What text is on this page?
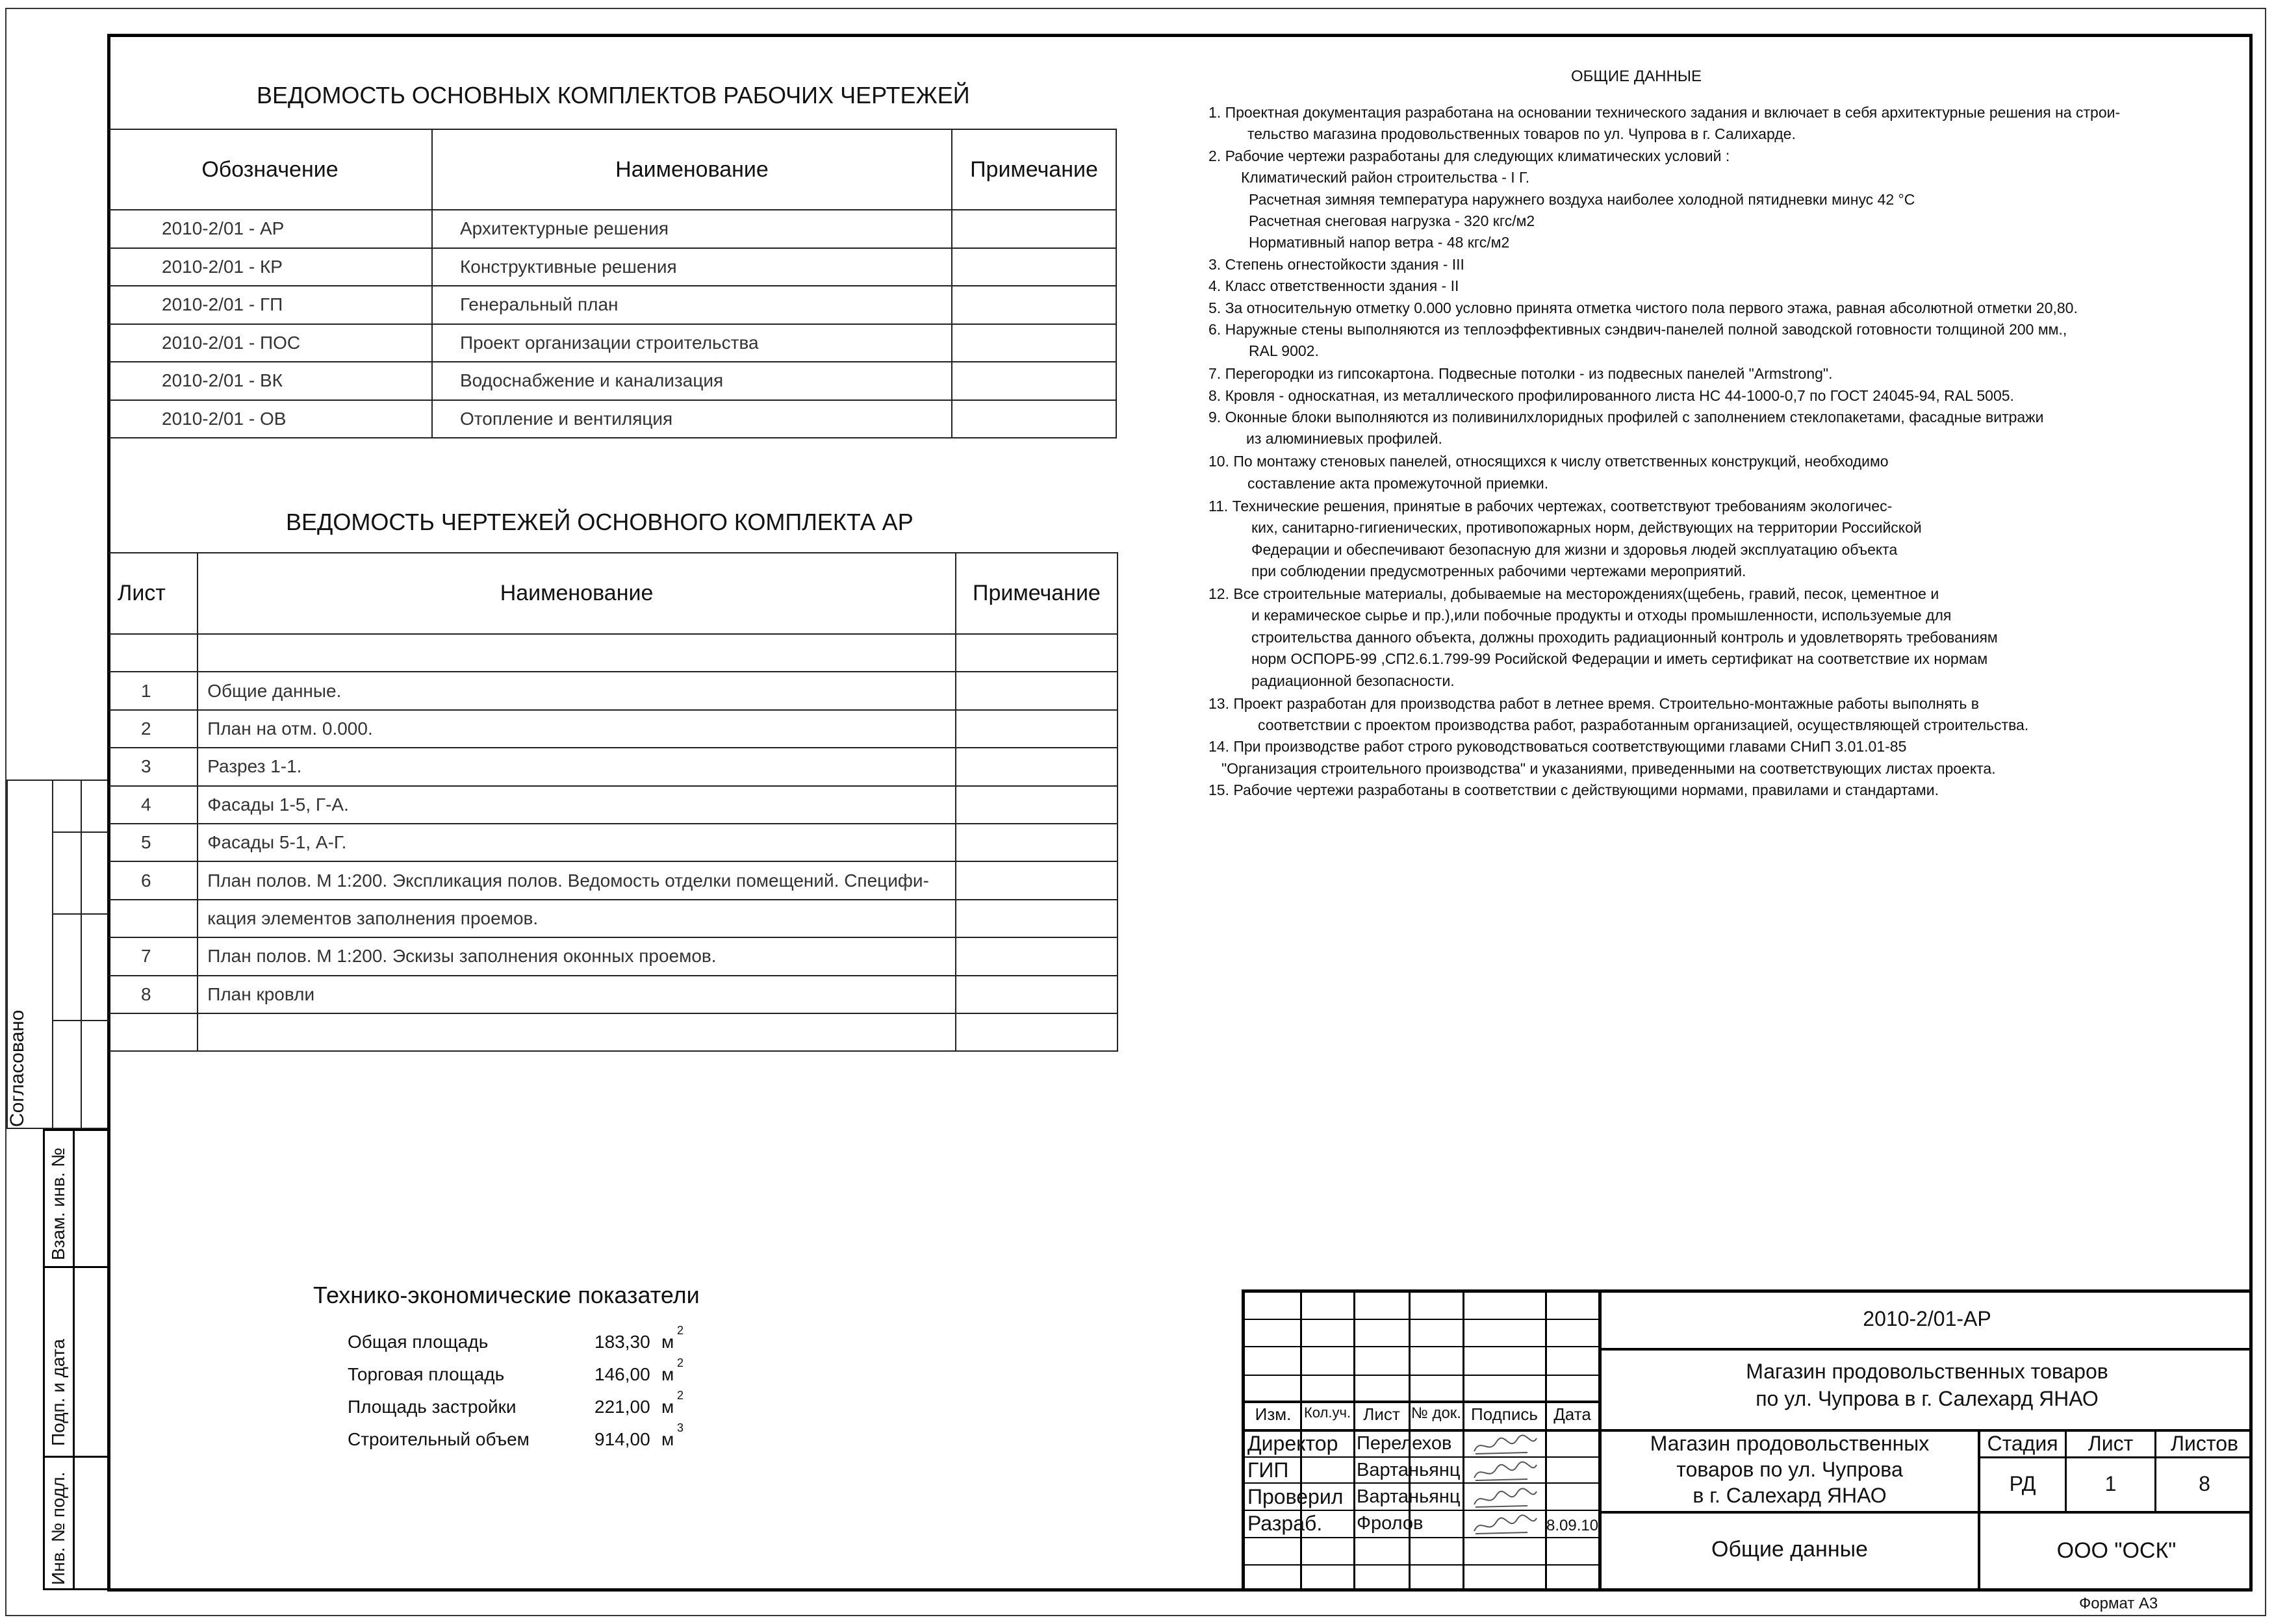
ВЕДОМОСТЬ ОСНОВНЫХ КОМПЛЕКТОВ РАБОЧИХ ЧЕРТЕЖЕЙ
Обозначение	Наименование	Примечание
2010-2/01 - АР	Архитектурные решения	
2010-2/01 - КР	Конструктивные решения	
2010-2/01 - ГП	Генеральный план	
2010-2/01 - ПОС	Проект организации строительства	
2010-2/01 - ВК	Водоснабжение и канализация	
2010-2/01 - ОВ	Отопление и вентиляция	
ВЕДОМОСТЬ ЧЕРТЕЖЕЙ ОСНОВНОГО КОМПЛЕКТА АР
Лист	Наименование	Примечание

1	Общие данные.	
2	План на отм. 0.000.	
3	Разрез 1-1.	
4	Фасады 1-5, Г-А.	
5	Фасады 5-1, А-Г.	
6	План полов. М 1:200. Экспликация полов. Ведомость отделки помещений. Специфи-	
	кация элементов заполнения проемов.	
7	План полов. М 1:200. Эскизы заполнения оконных проемов.	
8	План кровли	

ОБЩИЕ ДАННЫЕ
1. Проектная документация разработана на основании технического задания и включает в себя архитектурные решения на строи-
тельство магазина продовольственных товаров по ул. Чупрова в г. Салихарде.
2. Рабочие чертежи разработаны для следующих климатических условий :
Климатический район строительства - I Г.
Расчетная зимняя температура наружнего воздуха наиболее холодной пятидневки минус 42 °С
Расчетная снеговая нагрузка - 320 кгс/м2
Нормативный напор ветра - 48 кгс/м2
3. Степень огнестойкости здания - III
4. Класс ответственности здания - II
5. За относительную отметку 0.000 условно принята отметка чистого пола первого этажа, равная абсолютной отметки 20,80.
6. Наружные стены выполняются из теплоэффективных сэндвич-панелей полной заводской готовности толщиной 200 мм.,
RAL 9002.
7. Перегородки из гипсокартона. Подвесные потолки - из подвесных панелей "Armstrong".
8. Кровля - односкатная, из металлического профилированного листа НС 44-1000-0,7 по ГОСТ 24045-94, RAL 5005.
9. Оконные блоки выполняются из поливинилхлоридных профилей с заполнением стеклопакетами, фасадные витражи
из алюминиевых профилей.
10. По монтажу стеновых панелей, относящихся к числу ответственных конструкций, необходимо
составление акта промежуточной приемки.
11. Технические решения, принятые в рабочих чертежах, соответствуют требованиям экологичес-
ких, санитарно-гигиенических, противопожарных норм, действующих на территории Российской
Федерации и обеспечивают безопасную для жизни и здоровья людей эксплуатацию объекта
при соблюдении предусмотренных рабочими чертежами мероприятий.
12. Все строительные материалы, добываемые на месторождениях(щебень, гравий, песок, цементное и
и керамическое сырье и пр.),или побочные продукты и отходы промышленности, используемые для
строительства данного объекта, должны проходить радиационный контроль и удовлетворять требованиям
норм ОСПОРБ-99 ,СП2.6.1.799-99 Росийской Федерации и иметь сертификат на соответствие их нормам
радиационной безопасности.
13. Проект разработан для производства работ в летнее время. Строительно-монтажные работы выполнять в
соответствии с проектом производства работ, разработанным организацией, осуществляющей строительства.
14. При производстве работ строго руководствоваться соответствующими главами СНиП 3.01.01-85
"Организация строительного производства" и указаниями, приведенными на соответствующих листах проекта.
15. Рабочие чертежи разработаны в соответствии с действующими нормами, правилами и стандартами.
Технико-экономические показатели
Общая площадь	183,30 м
2
Торговая площадь	146,00 м
2
Площадь застройки	221,00 м
2
Строительный объем	914,00 м
3
Согласовано
Взам. инв. №
Подп. и дата
Инв. № подл.
Изм. Кол.уч. Лист № док. Подпись Дата
Директор Перелехов
ГИП	Вартаньянц
Проверил Вартаньянц
Разраб. Фролов	8.09.10
2010-2/01-АР
Магазин продовольственных товаров
по ул. Чупрова в г. Салехард ЯНАО
Магазин продовольственных
товаров по ул. Чупрова
в г. Салехард ЯНАО
Общие данные
Стадия	Лист	Листов
РД	1	8
ООО "ОСК"
Формат А3
